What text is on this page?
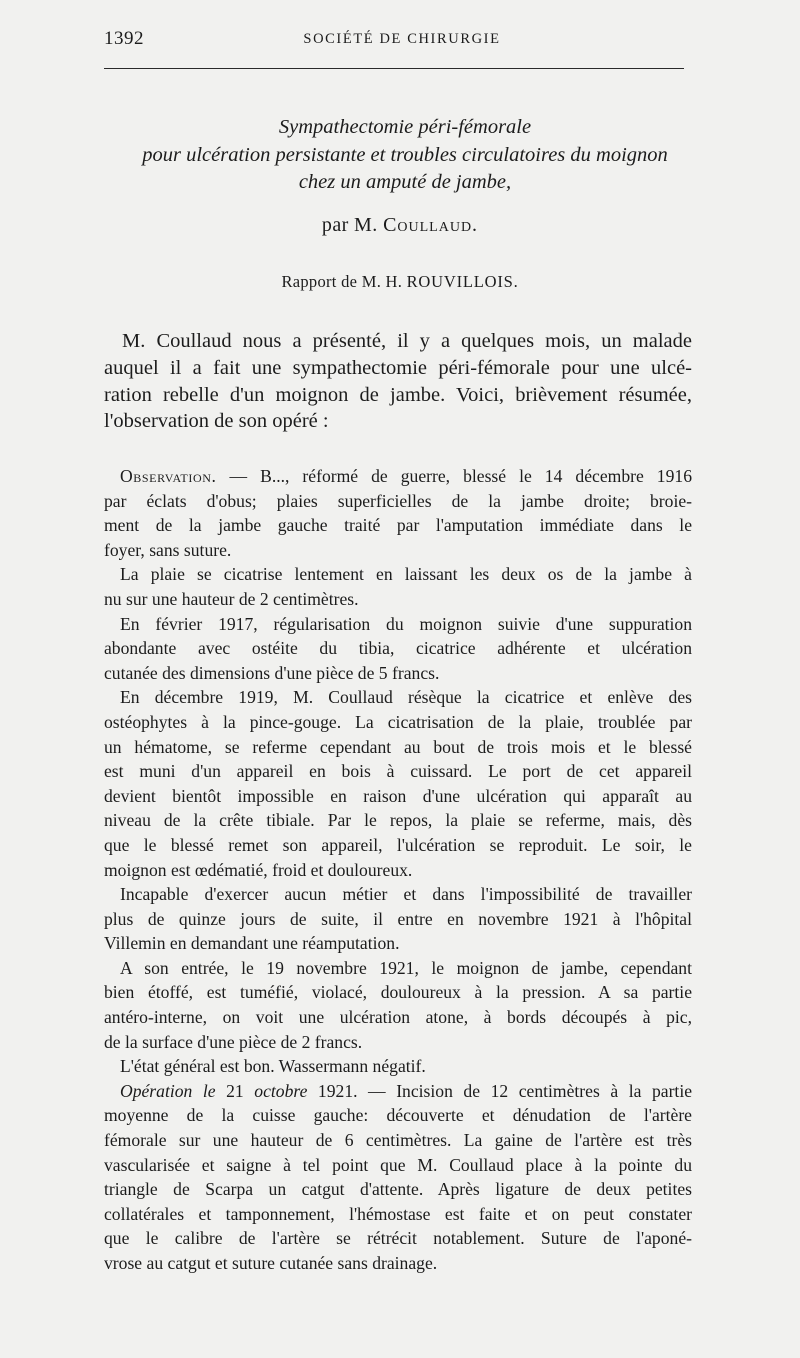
1392	SOCIÉTÉ DE CHIRURGIE
Sympathectomie péri-fémorale
pour ulcération persistante et troubles circulatoires du moignon
chez un amputé de jambe,
par M. Coullaud.
Rapport de M. H. ROUVILLOIS.
M. Coullaud nous a présenté, il y a quelques mois, un malade
auquel il a fait une sympathectomie péri-fémorale pour une ulcé-
ration rebelle d'un moignon de jambe. Voici, brièvement résumée,
l'observation de son opéré :
Observation. — B..., réformé de guerre, blessé le 14 décembre 1916
par éclats d'obus; plaies superficielles de la jambe droite; broie-
ment de la jambe gauche traité par l'amputation immédiate dans le
foyer, sans suture.
La plaie se cicatrise lentement en laissant les deux os de la jambe à
nu sur une hauteur de 2 centimètres.
En février 1917, régularisation du moignon suivie d'une suppuration
abondante avec ostéite du tibia, cicatrice adhérente et ulcération
cutanée des dimensions d'une pièce de 5 francs.
En décembre 1919, M. Coullaud résèque la cicatrice et enlève des
ostéophytes à la pince-gouge. La cicatrisation de la plaie, troublée par
un hématome, se referme cependant au bout de trois mois et le blessé
est muni d'un appareil en bois à cuissard. Le port de cet appareil
devient bientôt impossible en raison d'une ulcération qui apparaît au
niveau de la crête tibiale. Par le repos, la plaie se referme, mais, dès
que le blessé remet son appareil, l'ulcération se reproduit. Le soir, le
moignon est œdématié, froid et douloureux.
Incapable d'exercer aucun métier et dans l'impossibilité de travailler
plus de quinze jours de suite, il entre en novembre 1921 à l'hôpital
Villemin en demandant une réamputation.
A son entrée, le 19 novembre 1921, le moignon de jambe, cependant
bien étoffé, est tuméfié, violacé, douloureux à la pression. A sa partie
antéro-interne, on voit une ulcération atone, à bords découpés à pic,
de la surface d'une pièce de 2 francs.
L'état général est bon. Wassermann négatif.
Opération le 21 octobre 1921. — Incision de 12 centimètres à la partie
moyenne de la cuisse gauche: découverte et dénudation de l'artère
fémorale sur une hauteur de 6 centimètres. La gaine de l'artère est très
vascularisée et saigne à tel point que M. Coullaud place à la pointe du
triangle de Scarpa un catgut d'attente. Après ligature de deux petites
collatérales et tamponnement, l'hémostase est faite et on peut constater
que le calibre de l'artère se rétrécit notablement. Suture de l'aponé-
vrose au catgut et suture cutanée sans drainage.
